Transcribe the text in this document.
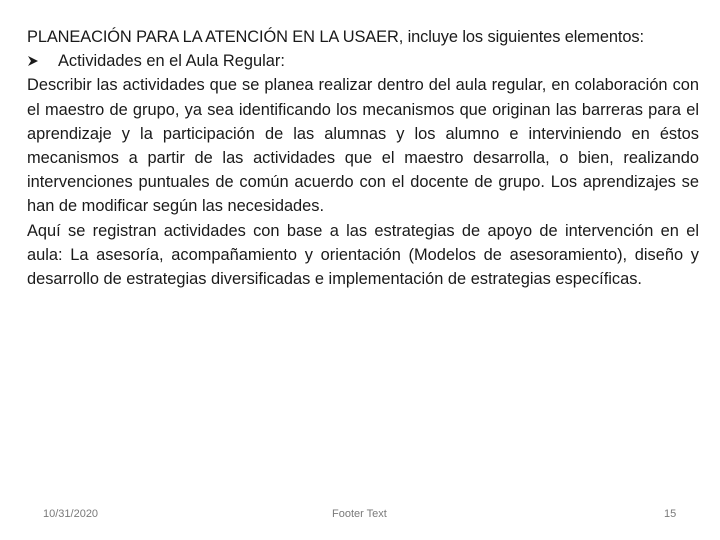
PLANEACIÓN PARA LA ATENCIÓN EN LA USAER, incluye los siguientes elementos:
Actividades en el Aula Regular:

Describir las actividades que se planea realizar dentro del aula regular, en colaboración con el maestro de grupo, ya sea identificando los mecanismos que originan las barreras para el aprendizaje y la participación de las alumnas y los alumno e interviniendo en éstos mecanismos a partir de las actividades que el maestro desarrolla, o bien, realizando intervenciones puntuales de común acuerdo con el docente de grupo. Los aprendizajes se han de modificar según las necesidades.

Aquí se registran actividades con base a las estrategias de apoyo de intervención en el aula: La asesoría, acompañamiento y orientación (Modelos de asesoramiento), diseño y desarrollo de estrategias diversificadas e implementación de estrategias específicas.

10/31/2020	Footer Text	15
